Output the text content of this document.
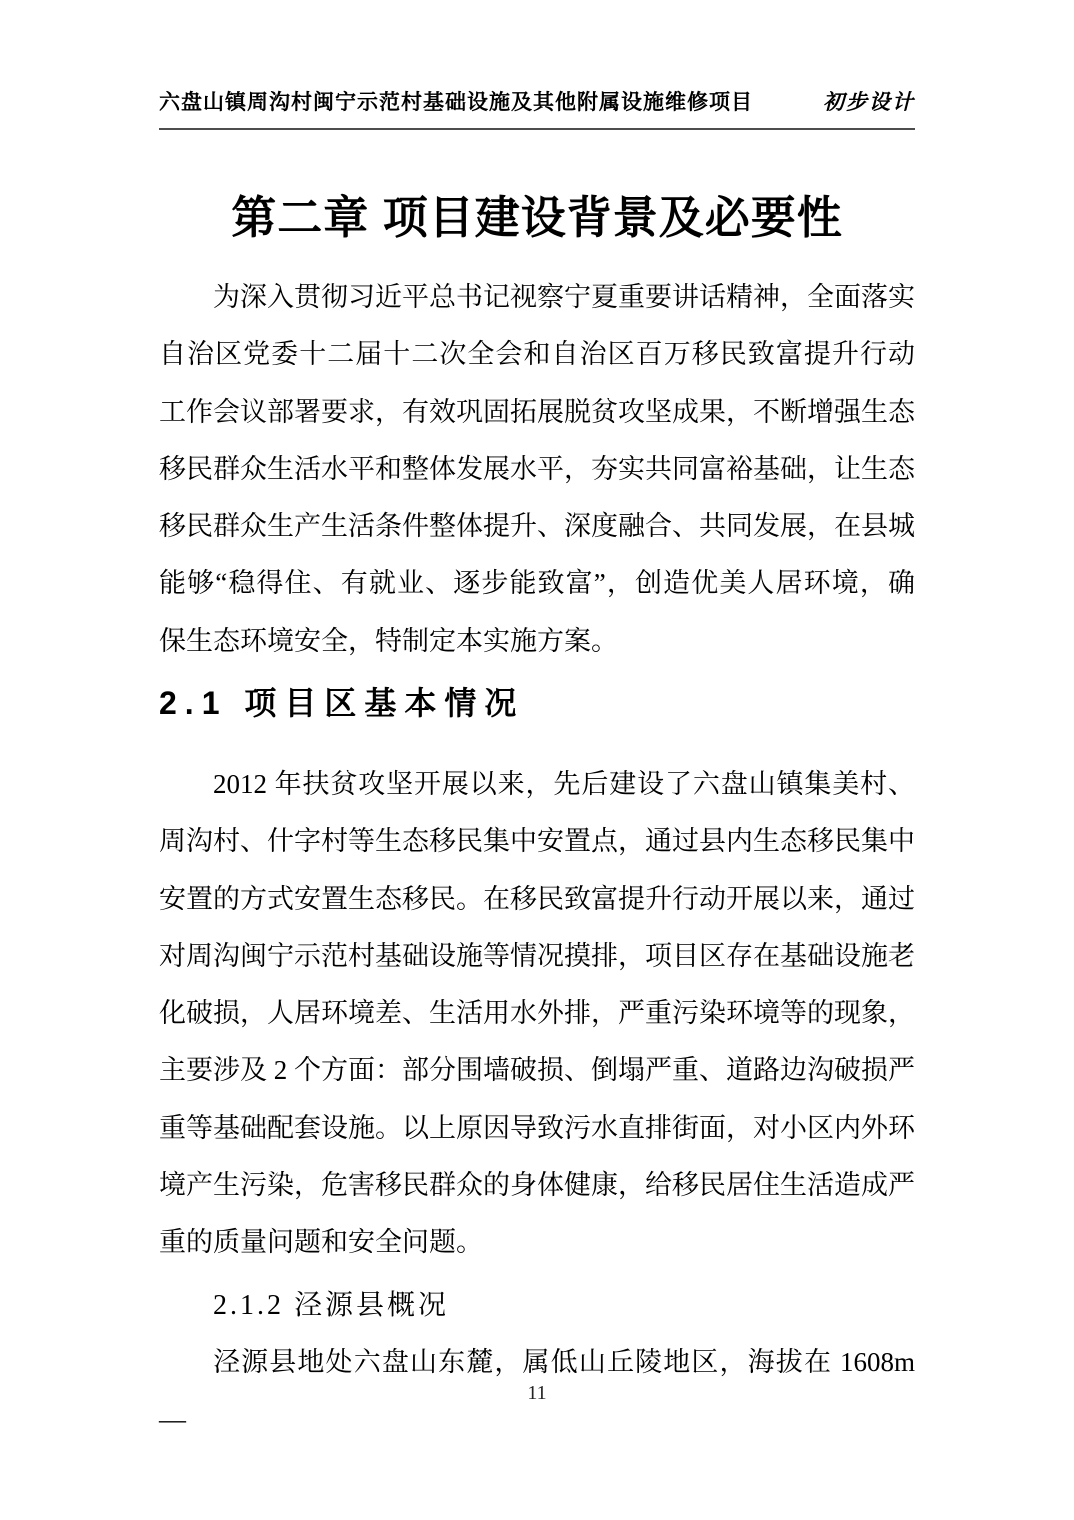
六盘山镇周沟村闽宁示范村基础设施及其他附属设施维修项目	初步设计
第二章 项目建设背景及必要性
为深入贯彻习近平总书记视察宁夏重要讲话精神，全面落实
自治区党委十二届十二次全会和自治区百万移民致富提升行动
工作会议部署要求，有效巩固拓展脱贫攻坚成果，不断增强生态
移民群众生活水平和整体发展水平，夯实共同富裕基础，让生态
移民群众生产生活条件整体提升、深度融合、共同发展，在县城
能够“稳得住、有就业、逐步能致富”，创造优美人居环境，确
保生态环境安全，特制定本实施方案。
2.1 项目区基本情况
2012 年扶贫攻坚开展以来，先后建设了六盘山镇集美村、
周沟村、什字村等生态移民集中安置点，通过县内生态移民集中
安置的方式安置生态移民。在移民致富提升行动开展以来，通过
对周沟闽宁示范村基础设施等情况摸排，项目区存在基础设施老
化破损，人居环境差、生活用水外排，严重污染环境等的现象，
主要涉及 2 个方面：部分围墙破损、倒塌严重、道路边沟破损严
重等基础配套设施。以上原因导致污水直排街面，对小区内外环
境产生污染，危害移民群众的身体健康，给移民居住生活造成严
重的质量问题和安全问题。
2.1.2 泾源县概况
泾源县地处六盘山东麓，属低山丘陵地区，海拔在 1608m—
11
